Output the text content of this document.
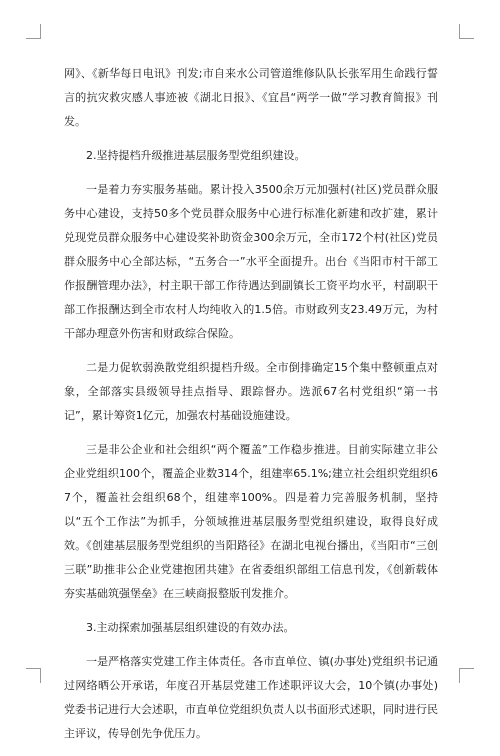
网》、《新华每日电讯》刊发;市自来水公司管道维修队队长张军用生命践行誓言的抗灾救灾感人事迹被《湖北日报》、《宜昌“两学一做”学习教育简报》刊发。

2.坚持提档升级推进基层服务型党组织建设。

一是着力夯实服务基础。累计投入3500余万元加强村(社区)党员群众服务中心建设，支持50多个党员群众服务中心进行标准化新建和改扩建，累计兑现党员群众服务中心建设奖补助资金300余万元，全市172个村(社区)党员群众服务中心全部达标，“五务合一”水平全面提升。出台《当阳市村干部工作报酬管理办法》，村主职干部工作待遇达到副镇长工资平均水平，村副职干部工作报酬达到全市农村人均纯收入的1.5倍。市财政列支23.49万元，为村干部办理意外伤害和财政综合保险。

二是力促软弱涣散党组织提档升级。全市倒排确定15个集中整顿重点对象，全部落实县级领导挂点指导、跟踪督办。选派67名村党组织“第一书记”，累计筹资1亿元，加强农村基础设施建设。

三是非公企业和社会组织“两个覆盖”工作稳步推进。目前实际建立非公企业党组织100个，覆盖企业数314个，组建率65.1%;建立社会组织党组织67个，覆盖社会组织68个，组建率100%。四是着力完善服务机制，坚持以“五个工作法”为抓手，分领域推进基层服务型党组织建设，取得良好成效。《创建基层服务型党组织的当阳路径》在湖北电视台播出，《当阳市“三创三联”助推非公企业党建抱团共建》在省委组织部组工信息刊发，《创新载体夯实基础筑强堡垒》在三峡商报整版刊发推介。

3.主动探索加强基层组织建设的有效办法。

一是严格落实党建工作主体责任。各市直单位、镇(办事处)党组织书记通过网络晒公开承诺，年度召开基层党建工作述职评议大会，10个镇(办事处)党委书记进行大会述职，市直单位党组织负责人以书面形式述职，同时进行民主评议，传导创先争优压力。
